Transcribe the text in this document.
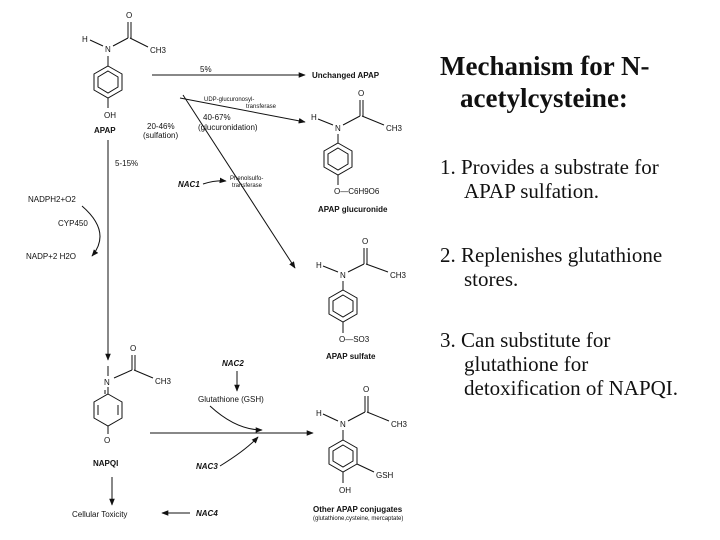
H
N
O
CH3
OH
APAP
5%
Unchanged APAP
UDP-glucuronosyl-
transferase
40-67%
(glucuronidation)
20-46%
(sulfation)
Phenolsulfo-
transferase
NAC1
H
N
O
CH3
O—C6H9O6
APAP glucuronide
H
N
O
CH3
O—SO3
APAP sulfate
5-15%
NADPH2+O2
CYP450
NADP+2 H2O
N
O
CH3
O
NAPQI
Cellular Toxicity	NAC4
Glutathione (GSH)
NAC2
NAC3
H
N
O
CH3
GSH
OH
Other APAP conjugates
(glutathione,cysteine, mercaptate)
Mechanism for N-
acetylcysteine:
1. Provides a substrate for
APAP sulfation.
2. Replenishes glutathione
stores.
3. Can substitute for
glutathione for
detoxification of NAPQI.
